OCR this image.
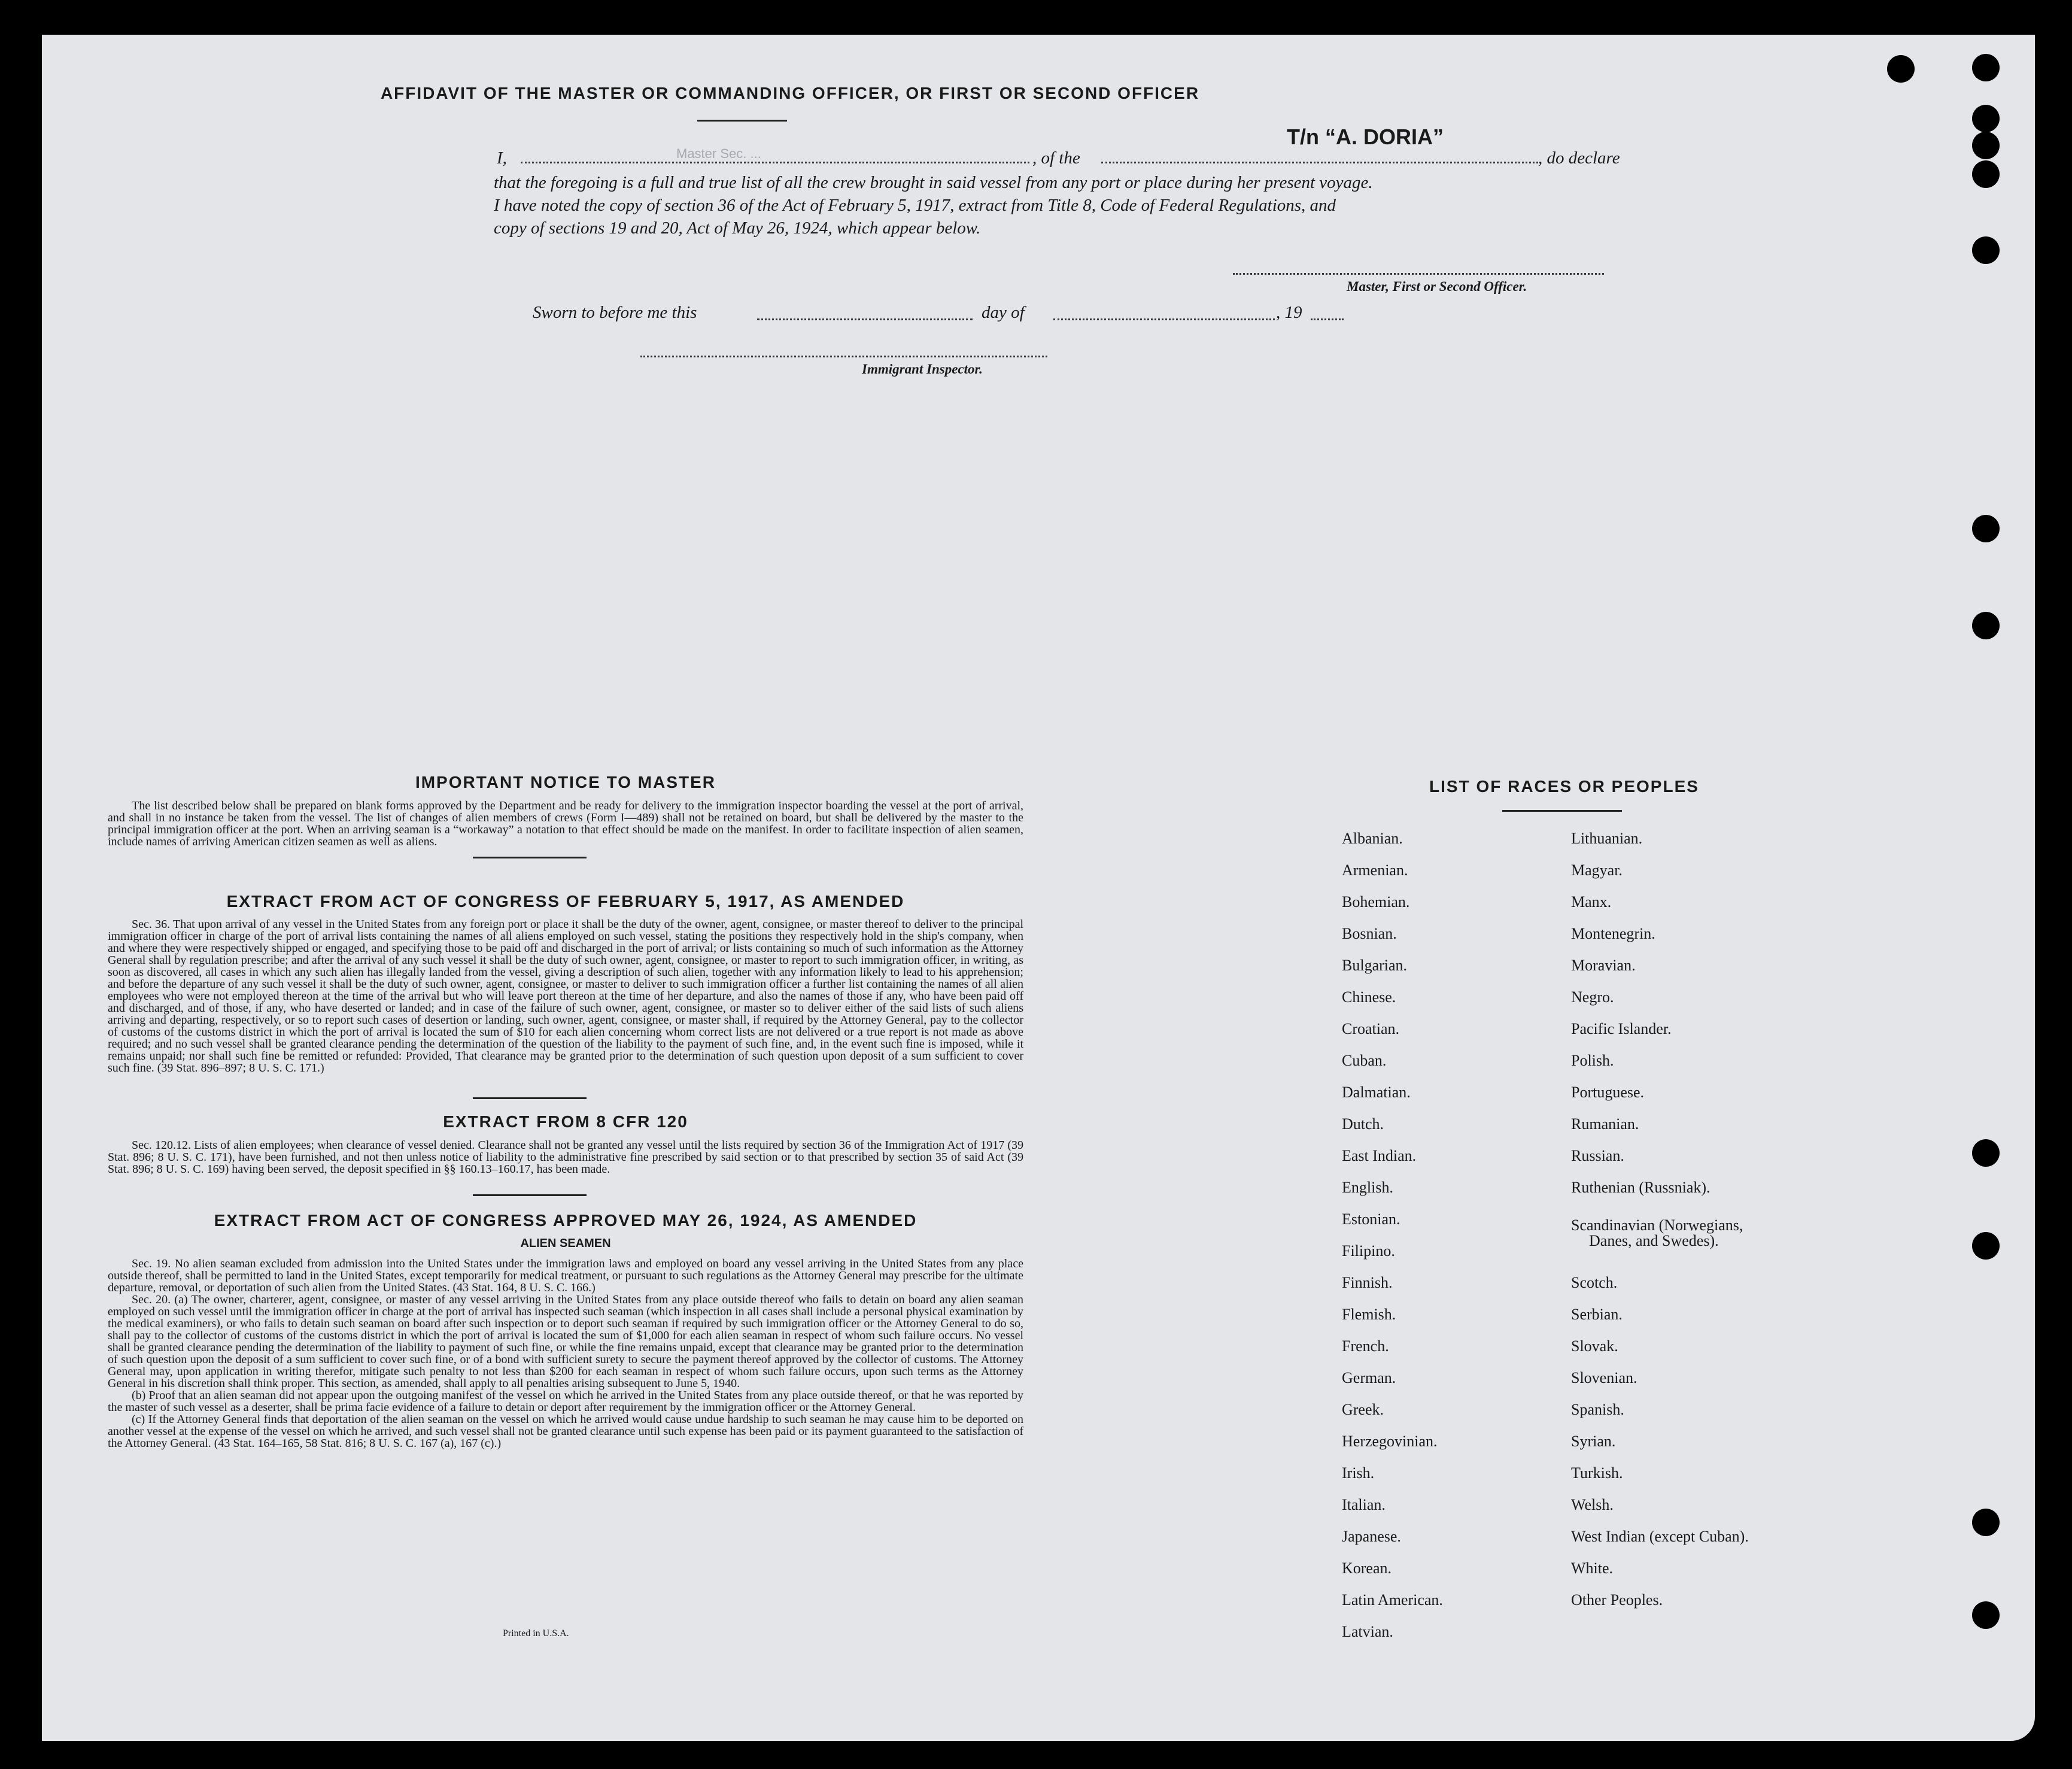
AFFIDAVIT OF THE MASTER OR COMMANDING OFFICER, OR FIRST OR SECOND OFFICER
I,	Master Sec. ...	, of the
T/n “A. DORIA”
, do declare
that the foregoing is a full and true list of all the crew brought in said vessel from any port or place during her present voyage.
I have noted the copy of section 36 of the Act of February 5, 1917, extract from Title 8, Code of Federal Regulations, and
copy of sections 19 and 20, Act of May 26, 1924, which appear below.
Master, First or Second Officer.
Sworn to before me this	day of	, 19
Immigrant Inspector.
IMPORTANT NOTICE TO MASTER
The list described below shall be prepared on blank forms approved by the Department and be ready for delivery to the immigration inspector boarding the vessel at the port of arrival, and shall in no instance be taken from the vessel. The list of changes of alien members of crews (Form I—489) shall not be retained on board, but shall be delivered by the master to the principal immigration officer at the port. When an arriving seaman is a “workaway” a notation to that effect should be made on the manifest. In order to facilitate inspection of alien seamen, include names of arriving American citizen seamen as well as aliens.
EXTRACT FROM ACT OF CONGRESS OF FEBRUARY 5, 1917, AS AMENDED
Sec. 36. That upon arrival of any vessel in the United States from any foreign port or place it shall be the duty of the owner, agent, consignee, or master thereof to deliver to the principal immigration officer in charge of the port of arrival lists containing the names of all aliens employed on such vessel, stating the positions they respectively hold in the ship's company, when and where they were respectively shipped or engaged, and specifying those to be paid off and discharged in the port of arrival; or lists containing so much of such information as the Attorney General shall by regulation prescribe; and after the arrival of any such vessel it shall be the duty of such owner, agent, consignee, or master to report to such immigration officer, in writing, as soon as discovered, all cases in which any such alien has illegally landed from the vessel, giving a description of such alien, together with any information likely to lead to his apprehension; and before the departure of any such vessel it shall be the duty of such owner, agent, consignee, or master to deliver to such immigration officer a further list containing the names of all alien employees who were not employed thereon at the time of the arrival but who will leave port thereon at the time of her departure, and also the names of those if any, who have been paid off and discharged, and of those, if any, who have deserted or landed; and in case of the failure of such owner, agent, consignee, or master so to deliver either of the said lists of such aliens arriving and departing, respectively, or so to report such cases of desertion or landing, such owner, agent, consignee, or master shall, if required by the Attorney General, pay to the collector of customs of the customs district in which the port of arrival is located the sum of $10 for each alien concerning whom correct lists are not delivered or a true report is not made as above required; and no such vessel shall be granted clearance pending the determination of the question of the liability to the payment of such fine, and, in the event such fine is imposed, while it remains unpaid; nor shall such fine be remitted or refunded: Provided, That clearance may be granted prior to the determination of such question upon deposit of a sum sufficient to cover such fine. (39 Stat. 896–897; 8 U. S. C. 171.)
EXTRACT FROM 8 CFR 120
Sec. 120.12. Lists of alien employees; when clearance of vessel denied. Clearance shall not be granted any vessel until the lists required by section 36 of the Immigration Act of 1917 (39 Stat. 896; 8 U. S. C. 171), have been furnished, and not then unless notice of liability to the administrative fine prescribed by said section or to that prescribed by section 35 of said Act (39 Stat. 896; 8 U. S. C. 169) having been served, the deposit specified in §§ 160.13–160.17, has been made.
EXTRACT FROM ACT OF CONGRESS APPROVED MAY 26, 1924, AS AMENDED
ALIEN SEAMEN
Sec. 19. No alien seaman excluded from admission into the United States under the immigration laws and employed on board any vessel arriving in the United States from any place outside thereof, shall be permitted to land in the United States, except temporarily for medical treatment, or pursuant to such regulations as the Attorney General may prescribe for the ultimate departure, removal, or deportation of such alien from the United States. (43 Stat. 164, 8 U. S. C. 166.)
Sec. 20. (a) The owner, charterer, agent, consignee, or master of any vessel arriving in the United States from any place outside thereof who fails to detain on board any alien seaman employed on such vessel until the immigration officer in charge at the port of arrival has inspected such seaman (which inspection in all cases shall include a personal physical examination by the medical examiners), or who fails to detain such seaman on board after such inspection or to deport such seaman if required by such immigration officer or the Attorney General to do so, shall pay to the collector of customs of the customs district in which the port of arrival is located the sum of $1,000 for each alien seaman in respect of whom such failure occurs. No vessel shall be granted clearance pending the determination of the liability to payment of such fine, or while the fine remains unpaid, except that clearance may be granted prior to the determination of such question upon the deposit of a sum sufficient to cover such fine, or of a bond with sufficient surety to secure the payment thereof approved by the collector of customs. The Attorney General may, upon application in writing therefor, mitigate such penalty to not less than $200 for each seaman in respect of whom such failure occurs, upon such terms as the Attorney General in his discretion shall think proper. This section, as amended, shall apply to all penalties arising subsequent to June 5, 1940.
(b) Proof that an alien seaman did not appear upon the outgoing manifest of the vessel on which he arrived in the United States from any place outside thereof, or that he was reported by the master of such vessel as a deserter, shall be prima facie evidence of a failure to detain or deport after requirement by the immigration officer or the Attorney General.
(c) If the Attorney General finds that deportation of the alien seaman on the vessel on which he arrived would cause undue hardship to such seaman he may cause him to be deported on another vessel at the expense of the vessel on which he arrived, and such vessel shall not be granted clearance until such expense has been paid or its payment guaranteed to the satisfaction of the Attorney General. (43 Stat. 164–165, 58 Stat. 816; 8 U. S. C. 167 (a), 167 (c).)
Printed in U.S.A.
LIST OF RACES OR PEOPLES
Albanian.
Armenian.
Bohemian.
Bosnian.
Bulgarian.
Chinese.
Croatian.
Cuban.
Dalmatian.
Dutch.
East Indian.
English.
Estonian.
Filipino.
Finnish.
Flemish.
French.
German.
Greek.
Herzegovinian.
Irish.
Italian.
Japanese.
Korean.
Latin American.
Latvian.
Lithuanian.
Magyar.
Manx.
Montenegrin.
Moravian.
Negro.
Pacific Islander.
Polish.
Portuguese.
Rumanian.
Russian.
Ruthenian (Russniak).
Scandinavian (Norwegians,
Danes, and Swedes).
Scotch.
Serbian.
Slovak.
Slovenian.
Spanish.
Syrian.
Turkish.
Welsh.
West Indian (except Cuban).
White.
Other Peoples.
